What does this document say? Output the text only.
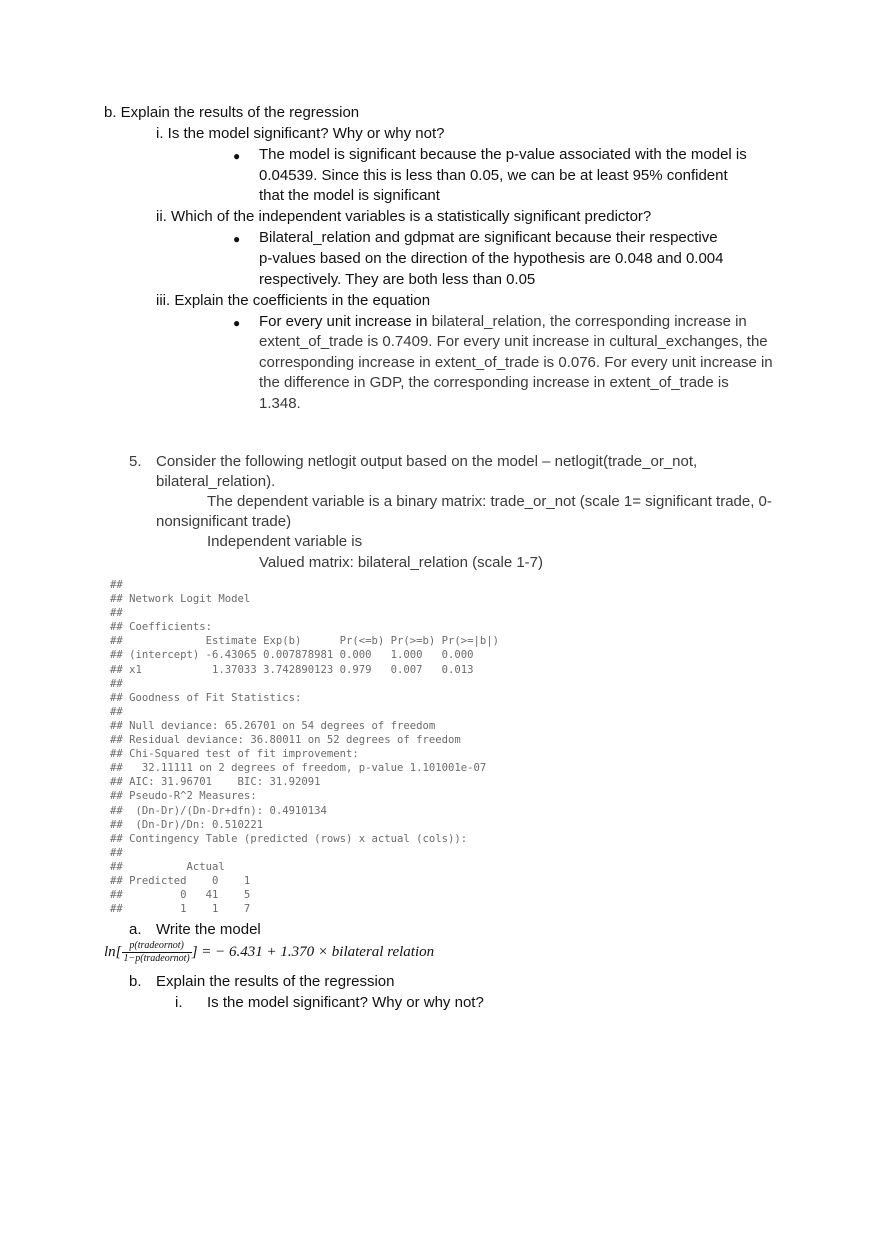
b. Explain the results of the regression
i. Is the model significant? Why or why not?
● The model is significant because the p-value associated with the model is
0.04539. Since this is less than 0.05, we can be at least 95% confident
that the model is significant
ii. Which of the independent variables is a statistically significant predictor?
● Bilateral_relation and gdpmat are significant because their respective
p-values based on the direction of the hypothesis are 0.048 and 0.004
respectively. They are both less than 0.05
iii. Explain the coefficients in the equation
● For every unit increase in bilateral_relation, the corresponding increase in
extent_of_trade is 0.7409. For every unit increase in cultural_exchanges, the
corresponding increase in extent_of_trade is 0.076. For every unit increase in
the difference in GDP, the corresponding increase in extent_of_trade is
1.348.
5. Consider the following netlogit output based on the model – netlogit(trade_or_not,
bilateral_relation).
The dependent variable is a binary matrix: trade_or_not (scale 1= significant trade, 0-
nonsignificant trade)
Independent variable is
Valued matrix: bilateral_relation (scale 1-7)
##
## Network Logit Model
##
## Coefficients:
##             Estimate Exp(b)      Pr(<=b) Pr(>=b) Pr(>=|b|)
## (intercept) -6.43065 0.007878981 0.000   1.000   0.000
## x1           1.37033 3.742890123 0.979   0.007   0.013
##
## Goodness of Fit Statistics:
##
## Null deviance: 65.26701 on 54 degrees of freedom
## Residual deviance: 36.80011 on 52 degrees of freedom
## Chi-Squared test of fit improvement:
##   32.11111 on 2 degrees of freedom, p-value 1.101001e-07
## AIC: 31.96701    BIC: 31.92091
## Pseudo-R^2 Measures:
##  (Dn-Dr)/(Dn-Dr+dfn): 0.4910134
##  (Dn-Dr)/Dn: 0.510221
## Contingency Table (predicted (rows) x actual (cols)):
##
##          Actual
## Predicted    0    1
##         0   41    5
##         1    1    7
a. Write the model
$\ln[ \frac{\text{p(tradeornot)}}{\text{1−p(tradeornot)}}$ ] = − 6.431 + 1.370 × bilateral relation
b. Explain the results of the regression
i. Is the model significant? Why or why not?
